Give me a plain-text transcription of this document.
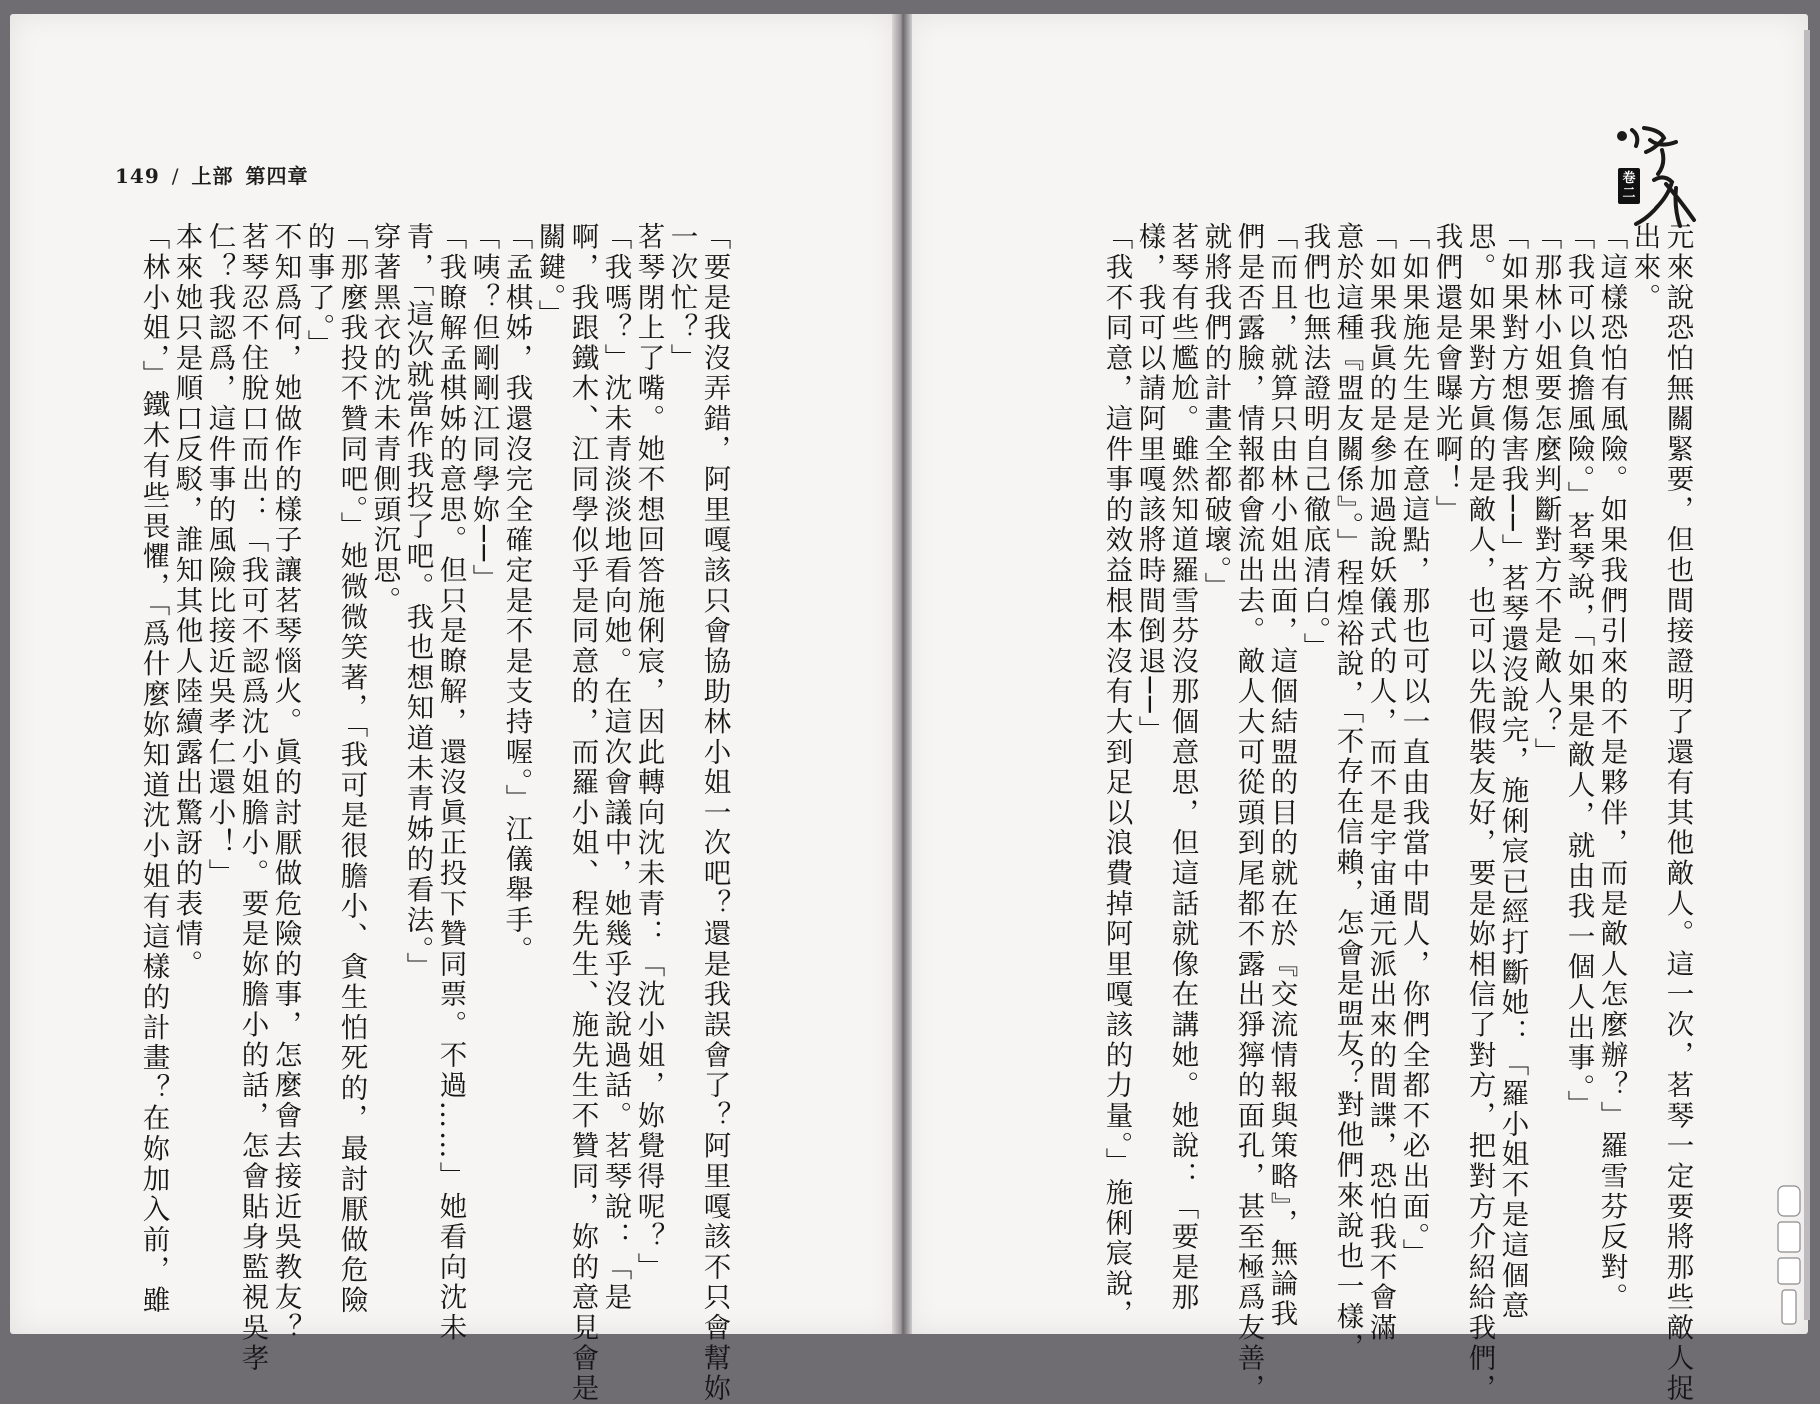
149 / 上部 第四章	卷二
「要是我沒弄錯，阿里嘎該只會協助林小姐一次吧？還是我誤會了？阿里嘎該不只會幫妳
一次忙？」
茗琴閉上了嘴。她不想回答施俐宸，因此轉向沈未青：「沈小姐，妳覺得呢？」
「我嗎？」沈未青淡淡地看向她。在這次會議中，她幾乎沒說過話。茗琴說：「是
啊，我跟鐵木、江同學似乎是同意的，而羅小姐、程先生、施先生不贊同，妳的意見會是
關鍵。」
「孟棋姊，我還沒完全確定是不是支持喔。」江儀舉手。
「咦？但剛剛江同學妳──」
「我瞭解孟棋姊的意思。但只是瞭解，還沒眞正投下贊同票。不過……」她看向沈未
青，「這次就當作我投了吧。我也想知道未青姊的看法。」
穿著黑衣的沈未青側頭沉思。
「那麼我投不贊同吧。」她微微笑著，「我可是很膽小、貪生怕死的，最討厭做危險
的事了。」
不知爲何，她做作的樣子讓茗琴惱火。眞的討厭做危險的事，怎麼會去接近吳教友？
茗琴忍不住脫口而出：「我可不認爲沈小姐膽小。要是妳膽小的話，怎會貼身監視吳孝
仁？我認爲，這件事的風險比接近吳孝仁還小！」
本來她只是順口反駁，誰知其他人陸續露出驚訝的表情。
「林小姐，」鐵木有些畏懼，「爲什麼妳知道沈小姐有這樣的計畫？在妳加入前，雖	元來說恐怕無關緊要，但也間接證明了還有其他敵人。這一次，茗琴一定要將那些敵人捉
出來。
「這樣恐怕有風險。如果我們引來的不是夥伴，而是敵人怎麼辦？」羅雪芬反對。
「我可以負擔風險。」茗琴說，「如果是敵人，就由我一個人出事。」
「那林小姐要怎麼判斷對方不是敵人？」
「如果對方想傷害我──」茗琴還沒說完，施俐宸已經打斷她：「羅小姐不是這個意
思。如果對方眞的是敵人，也可以先假裝友好，要是妳相信了對方，把對方介紹給我們，
我們還是會曝光啊！」
「如果施先生是在意這點，那也可以一直由我當中間人，你們全都不必出面。」
「如果我眞的是參加過說妖儀式的人，而不是宇宙通元派出來的間諜，恐怕我不會滿
意於這種『盟友關係』。」程煌裕說，「不存在信賴，怎會是盟友？對他們來說也一樣，
我們也無法證明自己徹底清白。」
「而且，就算只由林小姐出面，這個結盟的目的就在於『交流情報與策略』，無論我
們是否露臉，情報都會流出去。敵人大可從頭到尾都不露出猙獰的面孔，甚至極爲友善，
就將我們的計畫全都破壞。」
茗琴有些尷尬。雖然知道羅雪芬沒那個意思，但這話就像在講她。她說：「要是那
樣，我可以請阿里嘎該將時間倒退──」
「我不同意，這件事的效益根本沒有大到足以浪費掉阿里嘎該的力量。」施俐宸說，
